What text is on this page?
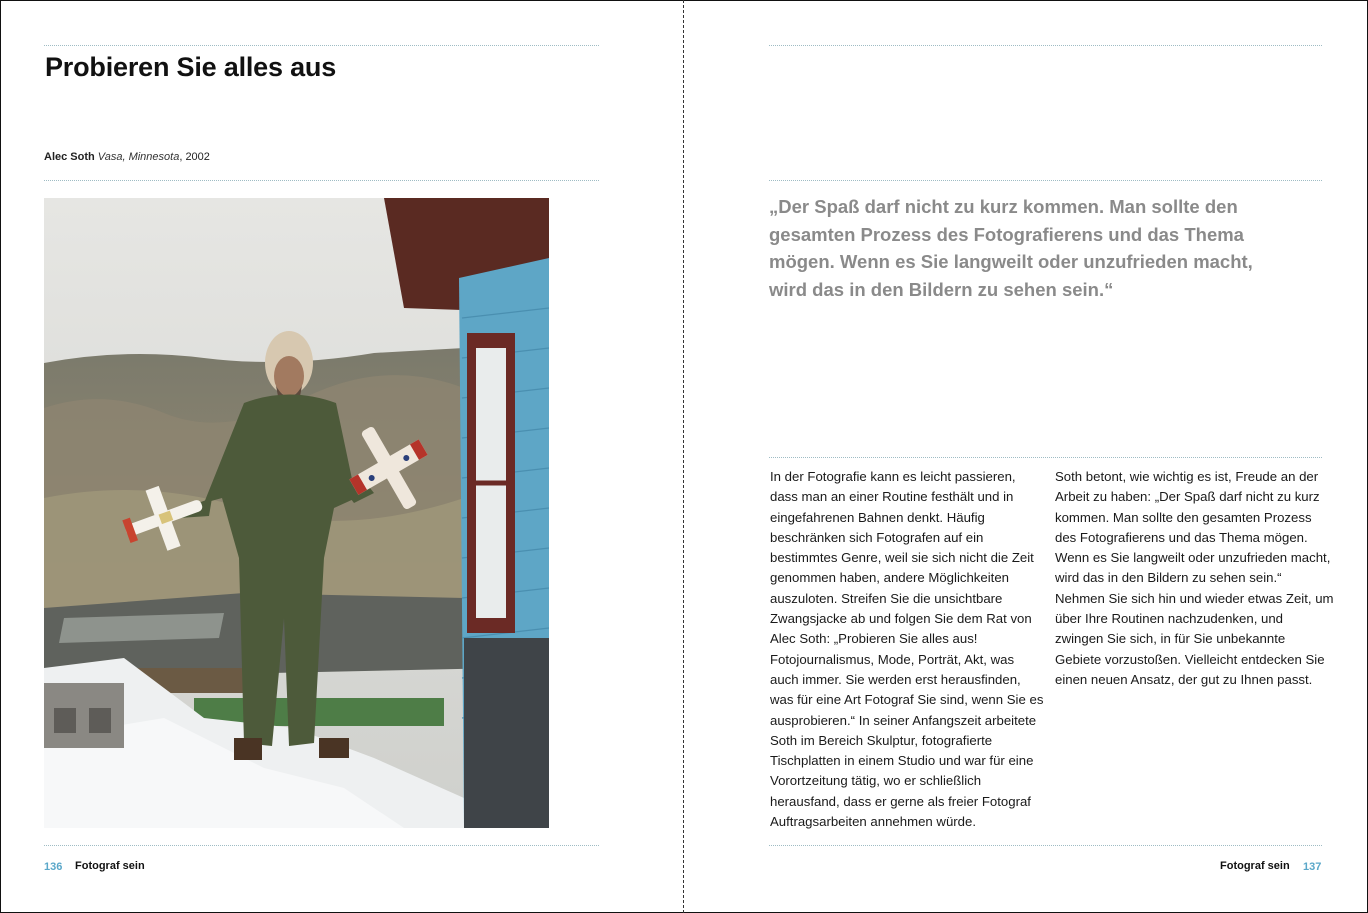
Probieren Sie alles aus
Alec Soth Vasa, Minnesota, 2002
136 Fotograf sein
„Der Spaß darf nicht zu kurz kommen. Man sollte den gesamten Prozess des Fotografierens und das Thema mögen. Wenn es Sie langweilt oder unzufrieden macht, wird das in den Bildern zu sehen sein.“
In der Fotografie kann es leicht passieren, dass man an einer Routine festhält und in eingefahrenen Bahnen denkt. Häufig beschränken sich Fotografen auf ein bestimmtes Genre, weil sie sich nicht die Zeit genommen haben, andere Möglichkeiten auszuloten. Streifen Sie die unsichtbare Zwangsjacke ab und folgen Sie dem Rat von Alec Soth: „Probieren Sie alles aus! Fotojournalismus, Mode, Porträt, Akt, was auch immer. Sie werden erst herausfinden, was für eine Art Fotograf Sie sind, wenn Sie es ausprobieren.“ In seiner Anfangszeit arbeitete Soth im Bereich Skulptur, fotografierte Tischplatten in einem Studio und war für eine Vorortzeitung tätig, wo er schließlich herausfand, dass er gerne als freier Fotograf Auftragsarbeiten annehmen würde.
Soth betont, wie wichtig es ist, Freude an der Arbeit zu haben: „Der Spaß darf nicht zu kurz kommen. Man sollte den gesamten Prozess des Fotografierens und das Thema mögen. Wenn es Sie langweilt oder unzufrieden macht, wird das in den Bildern zu sehen sein.“ Nehmen Sie sich hin und wieder etwas Zeit, um über Ihre Routinen nachzudenken, und zwingen Sie sich, in für Sie unbekannte Gebiete vorzustoßen. Vielleicht entdecken Sie einen neuen Ansatz, der gut zu Ihnen passt.
Fotograf sein 137
